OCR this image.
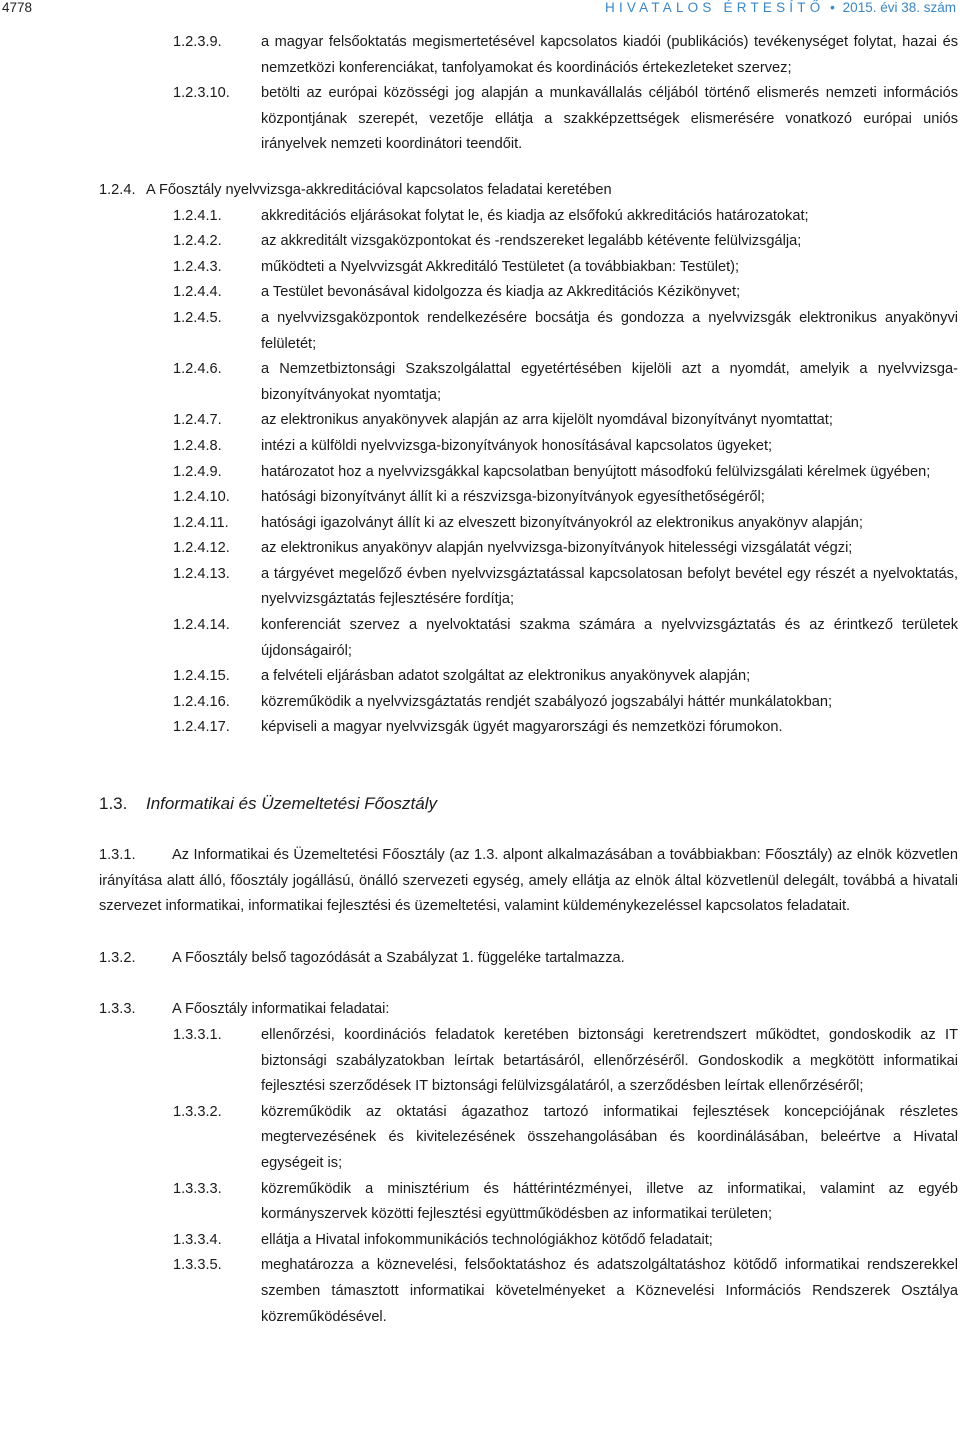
4778	HIVATALOS ÉRTESÍTŐ • 2015. évi 38. szám
1.2.3.9.	a magyar felsőoktatás megismertetésével kapcsolatos kiadói (publikációs) tevékenységet folytat, hazai és nemzetközi konferenciákat, tanfolyamokat és koordinációs értekezleteket szervez;
1.2.3.10. betölti az európai közösségi jog alapján a munkavállalás céljából történő elismerés nemzeti információs központjának szerepét, vezetője ellátja a szakképzettségek elismerésére vonatkozó európai uniós irányelvek nemzeti koordinátori teendőit.
1.2.4. A Főosztály nyelvvizsga-akkreditációval kapcsolatos feladatai keretében
1.2.4.1.	akkreditációs eljárásokat folytat le, és kiadja az elsőfokú akkreditációs határozatokat;
1.2.4.2.	az akkreditált vizsgaközpontokat és -rendszereket legalább kétévente felülvizsgálja;
1.2.4.3.	működteti a Nyelvvizsgát Akkreditáló Testületet (a továbbiakban: Testület);
1.2.4.4.	a Testület bevonásával kidolgozza és kiadja az Akkreditációs Kézikönyvet;
1.2.4.5.	a nyelvvizsgaközpontok rendelkezésére bocsátja és gondozza a nyelvvizsgák elektronikus anyakönyvi felületét;
1.2.4.6.	a Nemzetbiztonsági Szakszolgálattal egyetértésében kijelöli azt a nyomdát, amelyik a nyelvvizsga-bizonyítványokat nyomtatja;
1.2.4.7.	az elektronikus anyakönyvek alapján az arra kijelölt nyomdával bizonyítványt nyomtattat;
1.2.4.8.	intézi a külföldi nyelvvizsga-bizonyítványok honosításával kapcsolatos ügyeket;
1.2.4.9.	határozatot hoz a nyelvvizsgákkal kapcsolatban benyújtott másodfokú felülvizsgálati kérelmek ügyében;
1.2.4.10. hatósági bizonyítványt állít ki a részvizsga-bizonyítványok egyesíthetőségéről;
1.2.4.11. hatósági igazolványt állít ki az elveszett bizonyítványokról az elektronikus anyakönyv alapján;
1.2.4.12. az elektronikus anyakönyv alapján nyelvvizsga-bizonyítványok hitelességi vizsgálatát végzi;
1.2.4.13. a tárgyévet megelőző évben nyelvvizsgáztatással kapcsolatosan befolyt bevétel egy részét a nyelvoktatás, nyelvvizsgáztatás fejlesztésére fordítja;
1.2.4.14. konferenciát szervez a nyelvoktatási szakma számára a nyelvvizsgáztatás és az érintkező területek újdonságairól;
1.2.4.15. a felvételi eljárásban adatot szolgáltat az elektronikus anyakönyvek alapján;
1.2.4.16. közreműködik a nyelvvizsgáztatás rendjét szabályozó jogszabályi háttér munkálatokban;
1.2.4.17. képviseli a magyar nyelvvizsgák ügyét magyarországi és nemzetközi fórumokon.
1.3. Informatikai és Üzemeltetési Főosztály
1.3.1.	Az Informatikai és Üzemeltetési Főosztály (az 1.3. alpont alkalmazásában a továbbiakban: Főosztály) az elnök közvetlen irányítása alatt álló, főosztály jogállású, önálló szervezeti egység, amely ellátja az elnök által közvetlenül delegált, továbbá a hivatali szervezet informatikai, informatikai fejlesztési és üzemeltetési, valamint küldeménykezeléssel kapcsolatos feladatait.
1.3.2. A Főosztály belső tagozódását a Szabályzat 1. függeléke tartalmazza.
1.3.3. A Főosztály informatikai feladatai:
1.3.3.1.	ellenőrzési, koordinációs feladatok keretében biztonsági keretrendszert működtet, gondoskodik az IT biztonsági szabályzatokban leírtak betartásáról, ellenőrzéséről. Gondoskodik a megkötött informatikai fejlesztési szerződések IT biztonsági felülvizsgálatáról, a szerződésben leírtak ellenőrzéséről;
1.3.3.2.	közreműködik az oktatási ágazathoz tartozó informatikai fejlesztések koncepciójának részletes megtervezésének és kivitelezésének összehangolásában és koordinálásában, beleértve a Hivatal egységeit is;
1.3.3.3.	közreműködik a minisztérium és háttérintézményei, illetve az informatikai, valamint az egyéb kormányszervek közötti fejlesztési együttműködésben az informatikai területen;
1.3.3.4.	ellátja a Hivatal infokommunikációs technológiákhoz kötődő feladatait;
1.3.3.5.	meghatározza a köznevelési, felsőoktatáshoz és adatszolgáltatáshoz kötődő informatikai rendszerekkel szemben támasztott informatikai követelményeket a Köznevelési Információs Rendszerek Osztálya közreműködésével.
